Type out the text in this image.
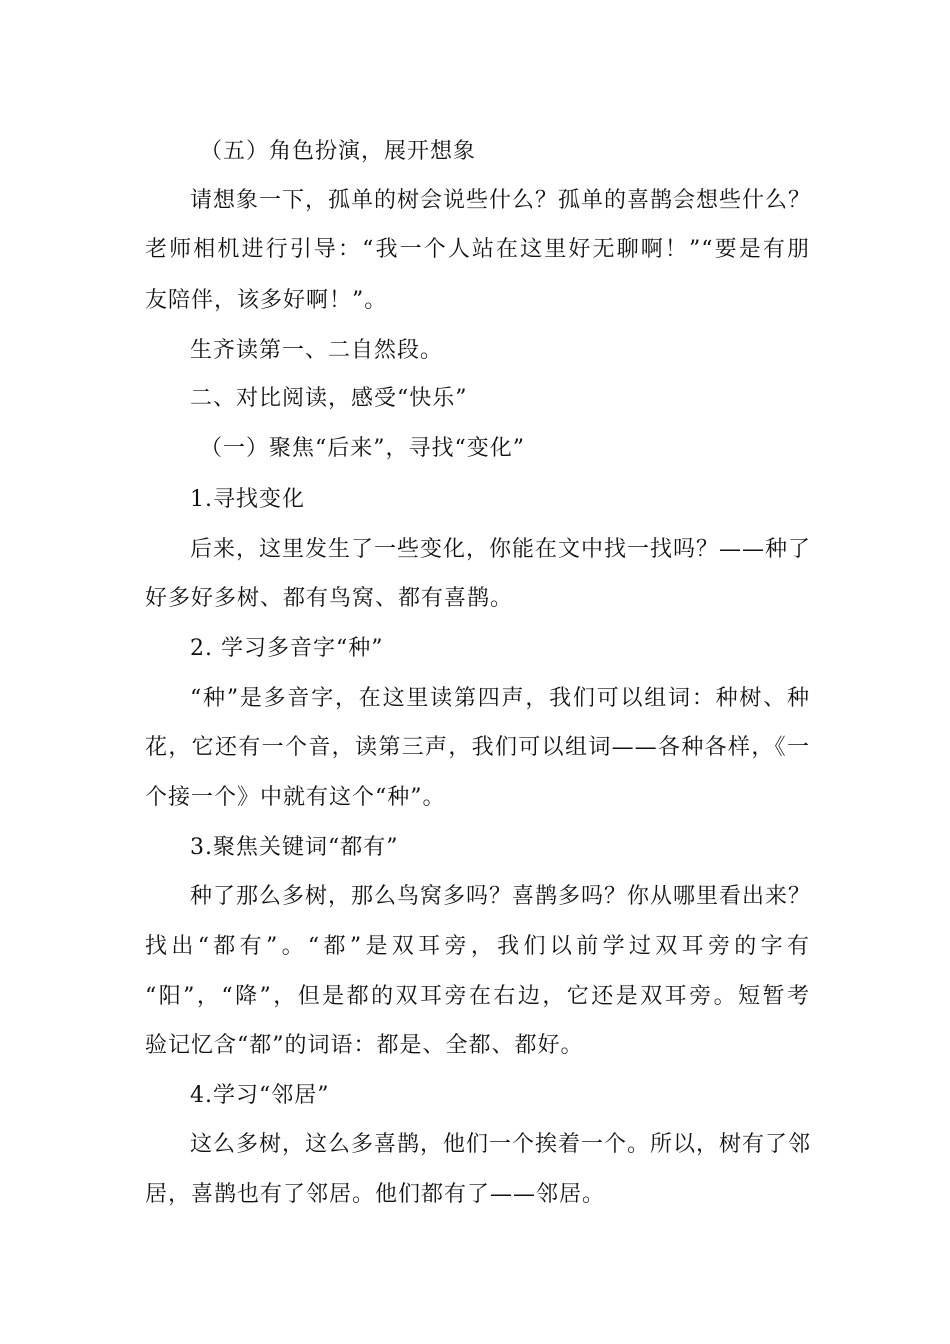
（五）角色扮演，展开想象
请想象一下，孤单的树会说些什么？孤单的喜鹊会想些什么？
老师相机进行引导：“我一个人站在这里好无聊啊！”“要是有朋
友陪伴，该多好啊！”。
生齐读第一、二自然段。
二、对比阅读，感受“快乐”
（一）聚焦“后来”，寻找“变化”
1.寻找变化
后来，这里发生了一些变化，你能在文中找一找吗？——种了
好多好多树、都有鸟窝、都有喜鹊。
2. 学习多音字“种”
“种”是多音字，在这里读第四声，我们可以组词：种树、种
花，它还有一个音，读第三声，我们可以组词——各种各样，《一
个接一个》中就有这个“种”。
3.聚焦关键词“都有”
种了那么多树，那么鸟窝多吗？喜鹊多吗？你从哪里看出来？
找出“都有”。“都”是双耳旁，我们以前学过双耳旁的字有
“阳”，“降”，但是都的双耳旁在右边，它还是双耳旁。短暂考
验记忆含“都”的词语：都是、全都、都好。
4.学习“邻居”
这么多树，这么多喜鹊，他们一个挨着一个。所以，树有了邻
居，喜鹊也有了邻居。他们都有了——邻居。
